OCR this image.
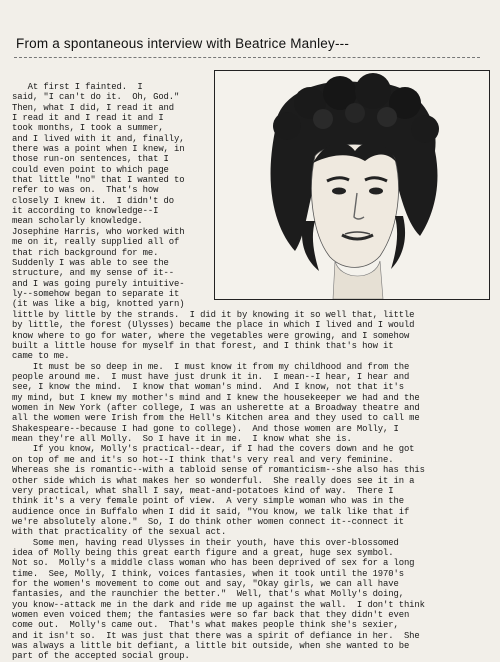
From a spontaneous interview with Beatrice Manley---
At first I fainted.  I
said, "I can't do it.  Oh, God."
Then, what I did, I read it and
I read it and I read it and I
took months, I took a summer,
and I lived with it and, finally,
there was a point when I knew, in
those run-on sentences, that I
could even point to which page
that little "no" that I wanted to
refer to was on.  That's how
closely I knew it.  I didn't do
it according to knowledge--I
mean scholarly knowledge.
Josephine Harris, who worked with
me on it, really supplied all of
that rich background for me.
Suddenly I was able to see the
structure, and my sense of it--
and I was going purely intuitive-
ly--somehow began to separate it
(it was like a big, knotted yarn)
little by little by the strands.  I did it by knowing it so well that, little
by little, the forest (Ulysses) became the place in which I lived and I would
know where to go for water, where the vegetables were growing, and I somehow
built a little house for myself in that forest, and I think that's how it
came to me.
It must be so deep in me.  I must know it from my childhood and from the
people around me.  I must have just drunk it in.  I mean--I hear, I hear and
see, I know the mind.  I know that woman's mind.  And I know, not that it's
my mind, but I knew my mother's mind and I knew the housekeeper we had and the
women in New York (after college, I was an usherette at a Broadway theatre and
all the women were Irish from the Hell's Kitchen area and they used to call me
Shakespeare--because I had gone to college).  And those women are Molly, I
mean they're all Molly.  So I have it in me.  I know what she is.
If you know, Molly's practical--dear, if I had the covers down and he got
on top of me and it's so hot--I think that's very real and very feminine.
Whereas she is romantic--with a tabloid sense of romanticism--she also has this
other side which is what makes her so wonderful.  She really does see it in a
very practical, what shall I say, meat-and-potatoes kind of way.  There I
think it's a very female point of view.  A very simple woman who was in the
audience once in Buffalo when I did it said, "You know, we talk like that if
we're absolutely alone."  So, I do think other women connect it--connect it
with that practicality of the sexual act.
Some men, having read Ulysses in their youth, have this over-blossomed
idea of Molly being this great earth figure and a great, huge sex symbol.
Not so.  Molly's a middle class woman who has been deprived of sex for a long
time.  See, Molly, I think, voices fantasies, when it took until the 1970's
for the women's movement to come out and say, "Okay girls, we can all have
fantasies, and the raunchier the better."  Well, that's what Molly's doing,
you know--attack me in the dark and ride me up against the wall.  I don't think
women even voiced them; the fantasies were so far back that they didn't even
come out.  Molly's came out.  That's what makes people think she's sexier,
and it isn't so.  It was just that there was a spirit of defiance in her.  She
was always a little bit defiant, a little bit outside, when she wanted to be
part of the accepted social group.
